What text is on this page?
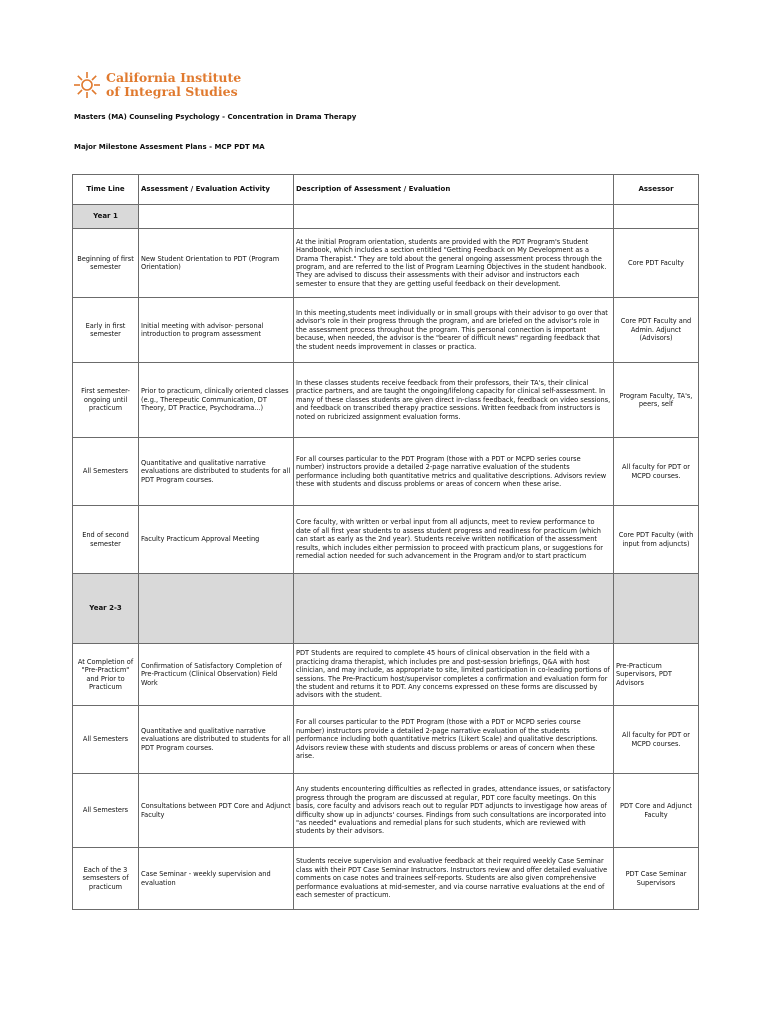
California Institute
of Integral Studies
Masters (MA) Counseling Psychology - Concentration in Drama Therapy
Major Milestone Assesment Plans - MCP PDT MA
Time Line	Assessment / Evaluation Activity	Description of Assessment / Evaluation	Assessor
Year 1			
Beginning of first semester	New Student Orientation to PDT (Program Orientation)	At the initial Program orientation, students are provided with the PDT Program's Student Handbook, which includes a section entitled "Getting Feedback on My Development as a Drama Therapist." They are told about the general ongoing assessment process through the program, and are referred to the list of Program Learning Objectives in the student handbook. They are advised to discuss their assessments with their advisor and instructors each semester to ensure that they are getting useful feedback on their development.	Core PDT Faculty
Early in first semester	Initial meeting with advisor- personal introduction to program assessment	In this meeting,students meet individually or in small groups with their advisor to go over that advisor's role in their progress through the program, and are briefed on the advisor's role in the assessment process throughout the program. This personal connection is important because, when needed, the advisor is the "bearer of difficult news" regarding feedback that the student needs improvement in classes or practica.	Core PDT Faculty and Admin. Adjunct (Advisors)
First semester- ongoing until practicum	Prior to practicum, clinically oriented classes (e.g., Therepeutic Communication, DT Theory, DT Practice, Psychodrama...)	In these classes students receive feedback from their professors, their TA's, their clinical practice partners, and are taught the ongoing/lifelong capacity for clinical self-assessment. In many of these classes students are given direct in-class feedback, feedback on video sessions, and feedback on transcribed therapy practice sessions. Written feedback from instructors is noted on rubricized assignment evaluation forms.	Program Faculty, TA's, peers, self
All Semesters	Quantitative and qualitative narrative evaluations are distributed to students for all PDT Program courses.	For all courses particular to the PDT Program (those with a PDT or MCPD series course number) instructors provide a detailed 2-page narrative evaluation of the students performance including both quantitative metrics and qualitative descriptions. Advisors review these with students and discuss problems or areas of concern when these arise.	All faculty for PDT or MCPD courses.
End of second semester	Faculty Practicum Approval Meeting	Core faculty, with written or verbal input from all adjuncts, meet to review performance to date of all first year students to assess student progress and readiness for practicum (which can start as early as the 2nd year). Students receive written notification of the assessment results, which includes either permission to proceed with practicum plans, or suggestions for remedial action needed for such advancement in the Program and/or to start practicum	Core PDT Faculty (with input from adjuncts)
Year 2-3			
At Completion of "Pre-Practicm" and Prior to Practicum	Confirmation of Satisfactory Completion of Pre-Practicum (Clinical Observation) Field Work	PDT Students are required to complete 45 hours of clinical observation in the field with a practicing drama therapist, which includes pre and post-session briefings, Q&A with host clinician, and may include, as appropriate to site, limited participation in co-leading portions of sessions. The Pre-Practicum host/supervisor completes a confirmation and evaluation form for the student and returns it to PDT. Any concerns expressed on these forms are discussed by advisors with the student.	Pre-Practicum Supervisors, PDT Advisors
All Semesters	Quantitative and qualitative narrative evaluations are distributed to students for all PDT Program courses.	For all courses particular to the PDT Program (those with a PDT or MCPD series course number) instructors provide a detailed 2-page narrative evaluation of the students performance including both quantitative metrics (Likert Scale) and qualitative descriptions. Advisors review these with students and discuss problems or areas of concern when these arise.	All faculty for PDT or MCPD courses.
All Semesters	Consultations between PDT Core and Adjunct Faculty	Any students encountering difficulties as reflected in grades, attendance issues, or satisfactory progress through the program are discussed at regular, PDT core faculty meetings. On this basis, core faculty and advisors reach out to regular PDT adjuncts to investigage how areas of difficulty show up in adjuncts' courses. Findings from such consultations are incorporated into "as needed" evaluations and remedial plans for such students, which are reviewed with students by their advisors.	PDT Core and Adjunct Faculty
Each of the 3 semsesters of practicum	Case Seminar - weekly supervision and evaluation	Students receive supervision and evaluative feedback at their required weekly Case Seminar class with their PDT Case Seminar Instructors. Instructors review and offer detailed evaluative comments on case notes and trainees self-reports. Students are also given comprehensive performance evaluations at mid-semester, and via course narrative evaluations at the end of each semester of practicum.	PDT Case Seminar Supervisors
